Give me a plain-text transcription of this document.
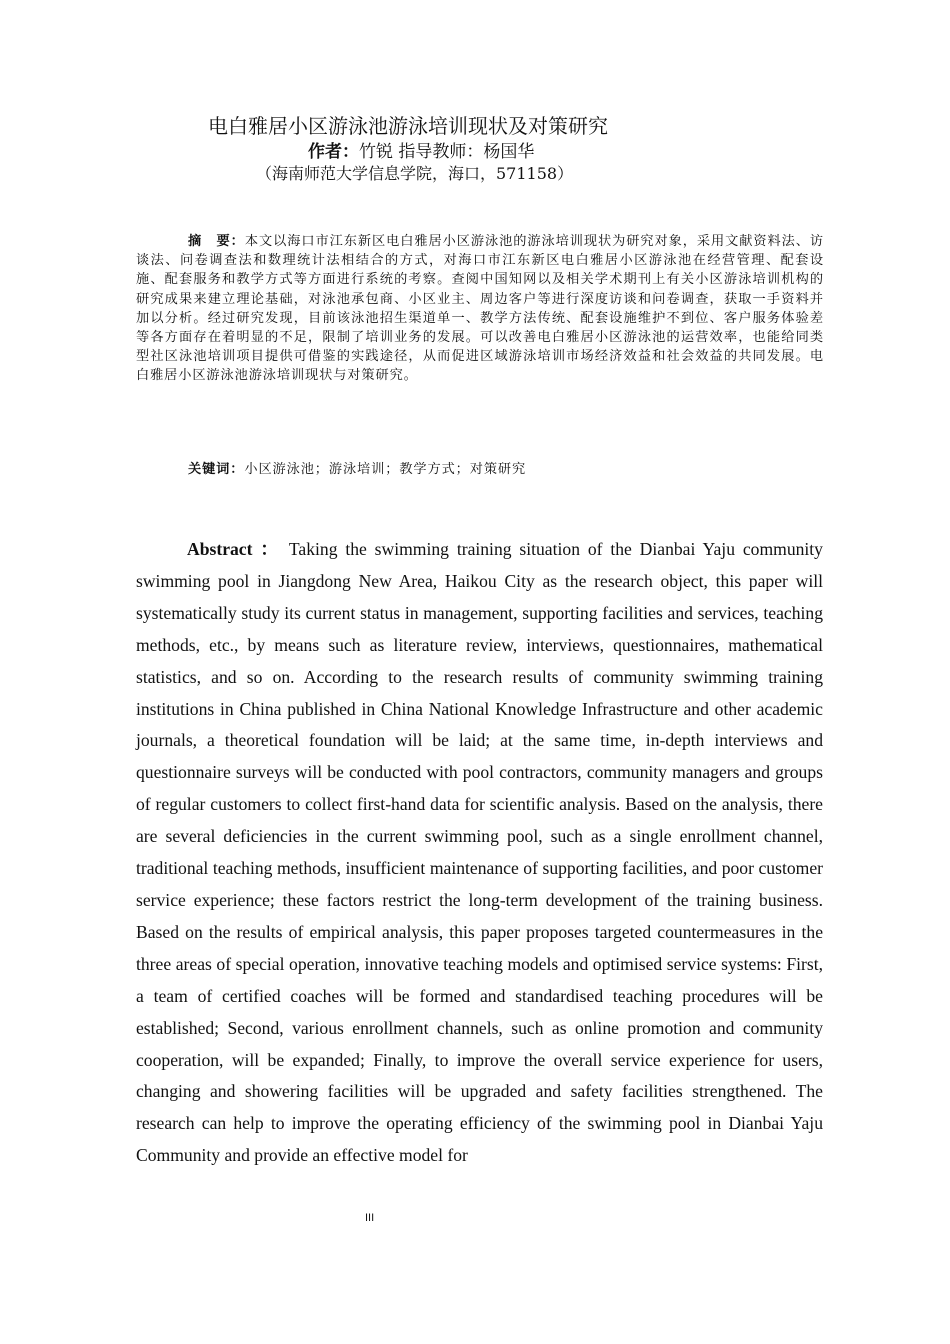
电白雅居小区游泳池游泳培训现状及对策研究
作者：竹锐 指导教师：杨国华
（海南师范大学信息学院，海口，571158）
摘　要：本文以海口市江东新区电白雅居小区游泳池的游泳培训现状为研究对象，采用文献资料法、访谈法、问卷调查法和数理统计法相结合的方式，对海口市江东新区电白雅居小区游泳池在经营管理、配套设施、配套服务和教学方式等方面进行系统的考察。查阅中国知网以及相关学术期刊上有关小区游泳培训机构的研究成果来建立理论基础，对泳池承包商、小区业主、周边客户等进行深度访谈和问卷调查，获取一手资料并加以分析。经过研究发现，目前该泳池招生渠道单一、教学方法传统、配套设施维护不到位、客户服务体验差等各方面存在着明显的不足，限制了培训业务的发展。可以改善电白雅居小区游泳池的运营效率，也能给同类型社区泳池培训项目提供可借鉴的实践途径，从而促进区域游泳培训市场经济效益和社会效益的共同发展。电白雅居小区游泳池游泳培训现状与对策研究。
关键词：小区游泳池；游泳培训；教学方式；对策研究
Abstract ： Taking the swimming training situation of the Dianbai Yaju community swimming pool in Jiangdong New Area, Haikou City as the research object, this paper will systematically study its current status in management, supporting facilities and services, teaching methods, etc., by means such as literature review, interviews, questionnaires, mathematical statistics, and so on. According to the research results of community swimming training institutions in China published in China National Knowledge Infrastructure and other academic journals, a theoretical foundation will be laid; at the same time, in-depth interviews and questionnaire surveys will be conducted with pool contractors, community managers and groups of regular customers to collect first-hand data for scientific analysis. Based on the analysis, there are several deficiencies in the current swimming pool, such as a single enrollment channel, traditional teaching methods, insufficient maintenance of supporting facilities, and poor customer service experience; these factors restrict the long-term development of the training business. Based on the results of empirical analysis, this paper proposes targeted countermeasures in the three areas of special operation, innovative teaching models and optimised service systems: First, a team of certified coaches will be formed and standardised teaching procedures will be established; Second, various enrollment channels, such as online promotion and community cooperation, will be expanded; Finally, to improve the overall service experience for users, changing and showering facilities will be upgraded and safety facilities strengthened. The research can help to improve the operating efficiency of the swimming pool in Dianbai Yaju Community and provide an effective model for
III
